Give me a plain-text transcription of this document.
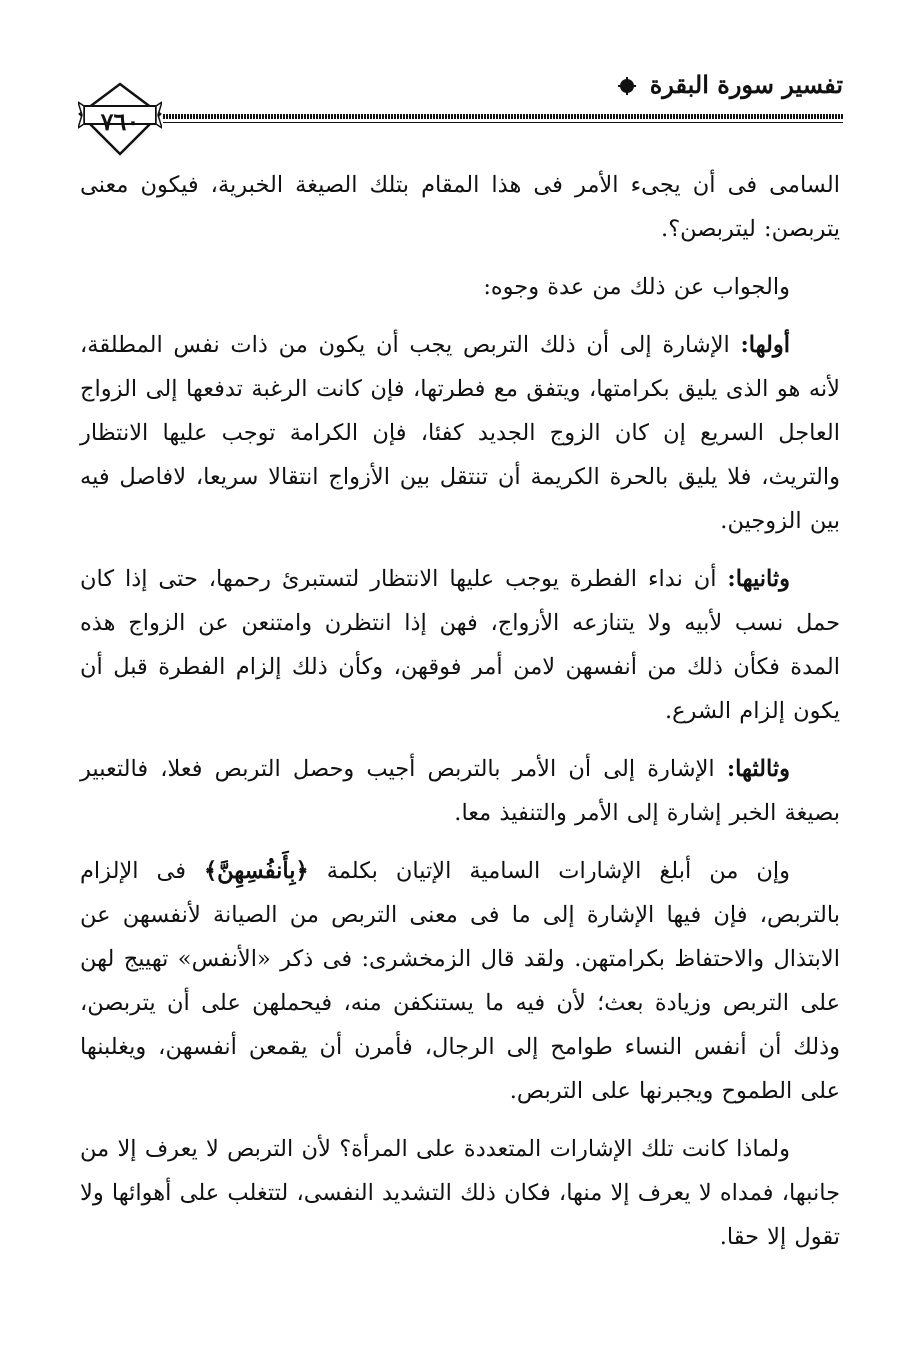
تفسير سورة البقرة
٧٦٠

السامى فى أن يجىء الأمر فى هذا المقام بتلك الصيغة الخبرية، فيكون معنى يتربصن: ليتربصن؟.

والجواب عن ذلك من عدة وجوه:

أولها: الإشارة إلى أن ذلك التربص يجب أن يكون من ذات نفس المطلقة، لأنه هو الذى يليق بكرامتها، ويتفق مع فطرتها، فإن كانت الرغبة تدفعها إلى الزواج العاجل السريع إن كان الزوج الجديد كفئا، فإن الكرامة توجب عليها الانتظار والتريث، فلا يليق بالحرة الكريمة أن تنتقل بين الأزواج انتقالا سريعا، لافاصل فيه بين الزوجين.

وثانيها: أن نداء الفطرة يوجب عليها الانتظار لتستبرئ رحمها، حتى إذا كان حمل نسب لأبيه ولا يتنازعه الأزواج، فهن إذا انتظرن وامتنعن عن الزواج هذه المدة فكأن ذلك من أنفسهن لامن أمر فوقهن، وكأن ذلك إلزام الفطرة قبل أن يكون إلزام الشرع.

وثالثها: الإشارة إلى أن الأمر بالتربص أجيب وحصل التربص فعلا، فالتعبير بصيغة الخبر إشارة إلى الأمر والتنفيذ معا.

وإن من أبلغ الإشارات السامية الإتيان بكلمة ﴿بِأَنفُسِهِنَّ﴾ فى الإلزام بالتربص، فإن فيها الإشارة إلى ما فى معنى التربص من الصيانة لأنفسهن عن الابتذال والاحتفاظ بكرامتهن. ولقد قال الزمخشرى: فى ذكر «الأنفس» تهييج لهن على التربص وزيادة بعث؛ لأن فيه ما يستنكفن منه، فيحملهن على أن يتربصن، وذلك أن أنفس النساء طوامح إلى الرجال، فأمرن أن يقمعن أنفسهن، ويغلبنها على الطموح ويجبرنها على التربص.

ولماذا كانت تلك الإشارات المتعددة على المرأة؟ لأن التربص لا يعرف إلا من جانبها، فمداه لا يعرف إلا منها، فكان ذلك التشديد النفسى، لتتغلب على أهوائها ولا تقول إلا حقا.
